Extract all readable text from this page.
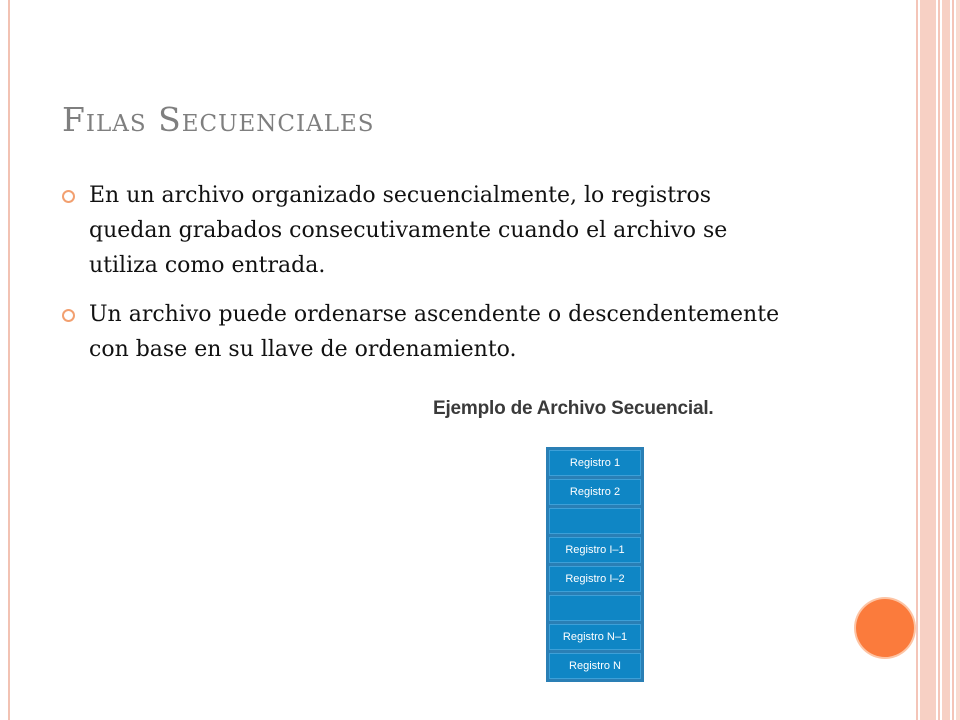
Filas Secuenciales
En un archivo organizado secuencialmente, lo registros quedan grabados consecutivamente cuando el archivo se utiliza como entrada.
Un archivo puede ordenarse ascendente o descendentemente con base en su llave de ordenamiento.
Ejemplo de Archivo Secuencial.
Registro 1
Registro 2
Registro I–1
Registro I–2
Registro N–1
Registro N
